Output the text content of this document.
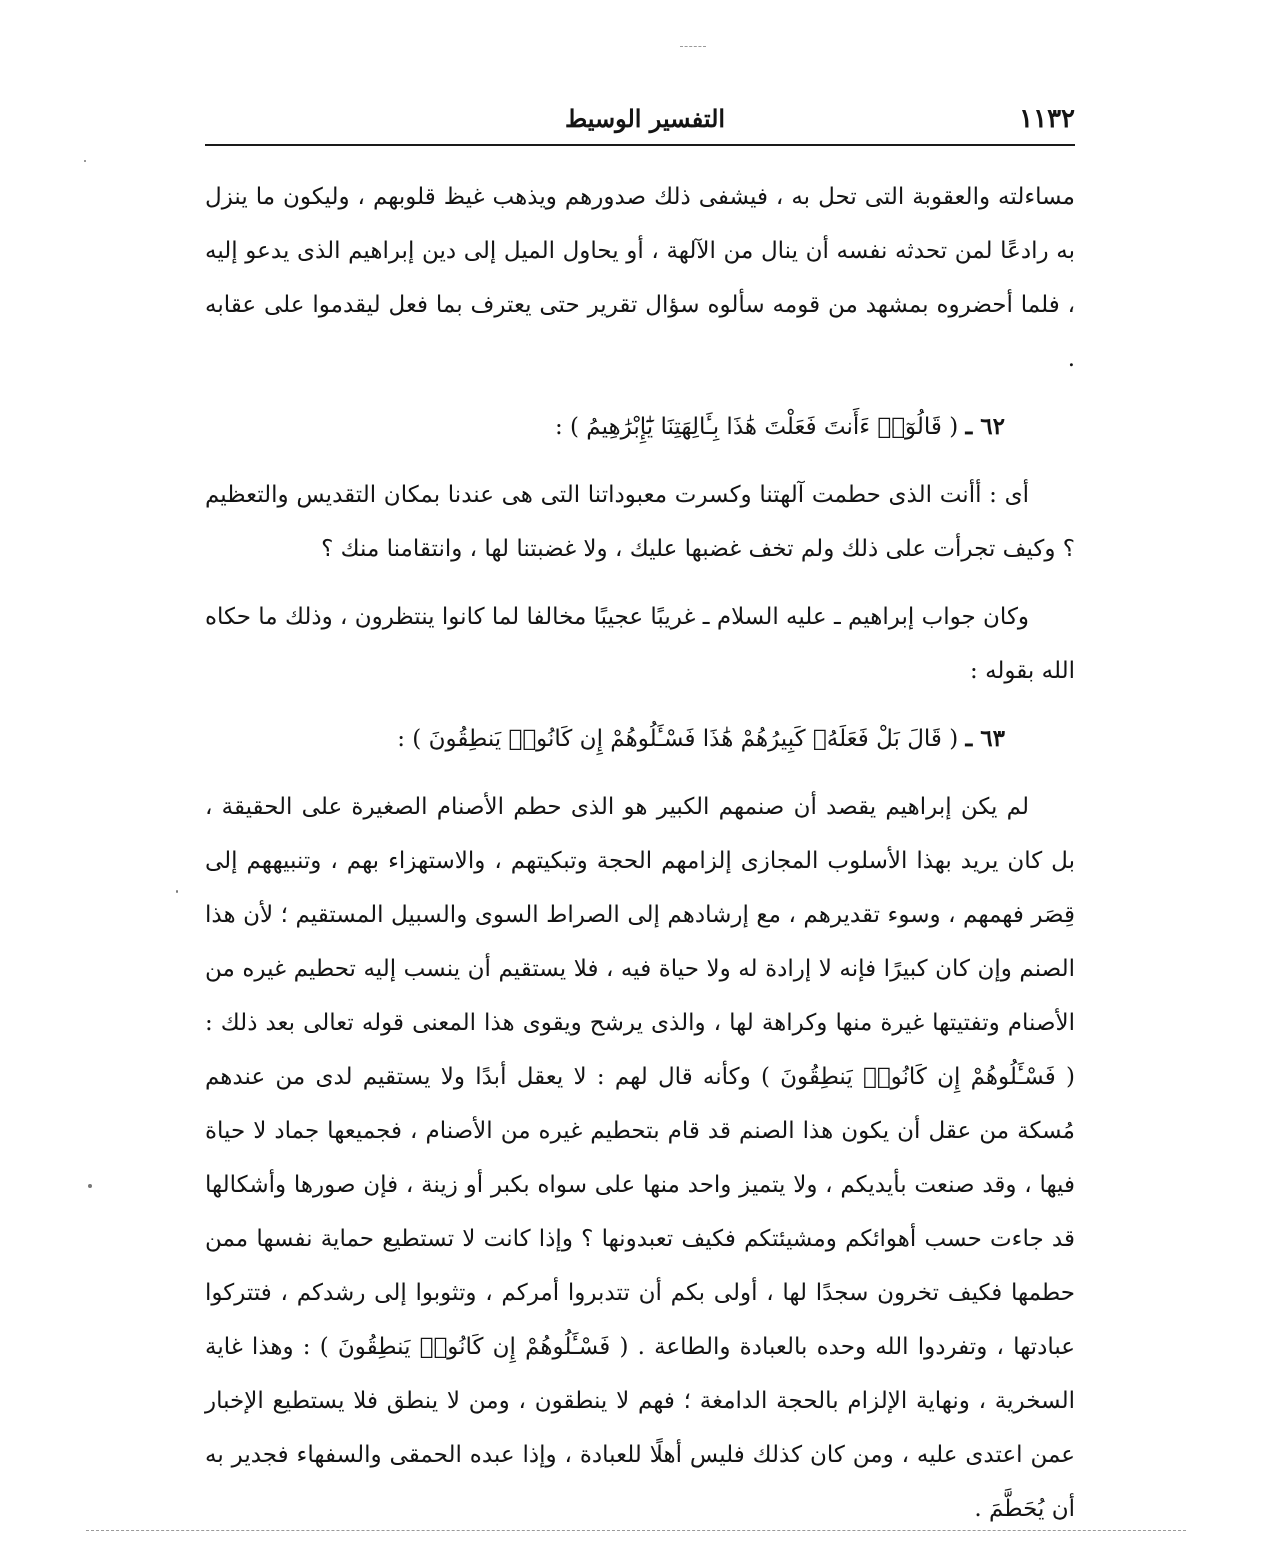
١١٣٢
التفسير الوسيط

مساءلته والعقوبة التى تحل به ، فيشفى ذلك صدورهم ويذهب غيظ قلوبهم ، وليكون ما ينزل به رادعًا لمن تحدثه نفسه أن ينال من الآلهة ، أو يحاول الميل إلى دين إبراهيم الذى يدعو إليه ، فلما أحضروه بمشهد من قومه سألوه سؤال تقرير حتى يعترف بما فعل ليقدموا على عقابه .

٦٢ ـ ( قَالُوٓا۟ ءَأَنتَ فَعَلْتَ هَٰذَا بِـَٔالِهَتِنَا يَٰٓإِبْرَٰهِيمُ ) :

أى : أأنت الذى حطمت آلهتنا وكسرت معبوداتنا التى هى عندنا بمكان التقديس والتعظيم ؟ وكيف تجرأت على ذلك ولم تخف غضبها عليك ، ولا غضبتنا لها ، وانتقامنا منك ؟

وكان جواب إبراهيم ـ عليه السلام ـ غريبًا عجيبًا مخالفا لما كانوا ينتظرون ، وذلك ما حكاه الله بقوله :

٦٣ ـ ( قَالَ بَلْ فَعَلَهُۥ كَبِيرُهُمْ هَٰذَا فَسْـَٔلُوهُمْ إِن كَانُوا۟ يَنطِقُونَ ) :

لم يكن إبراهيم يقصد أن صنمهم الكبير هو الذى حطم الأصنام الصغيرة على الحقيقة ، بل كان يريد بهذا الأسلوب المجازى إلزامهم الحجة وتبكيتهم ، والاستهزاء بهم ، وتنبيههم إلى قِصَر فهمهم ، وسوء تقديرهم ، مع إرشادهم إلى الصراط السوى والسبيل المستقيم ؛ لأن هذا الصنم وإن كان كبيرًا فإنه لا إرادة له ولا حياة فيه ، فلا يستقيم أن ينسب إليه تحطيم غيره من الأصنام وتفتيتها غيرة منها وكراهة لها ، والذى يرشح ويقوى هذا المعنى قوله تعالى بعد ذلك : ( فَسْـَٔلُوهُمْ إِن كَانُوا۟ يَنطِقُونَ ) وكأنه قال لهم : لا يعقل أبدًا ولا يستقيم لدى من عندهم مُسكة من عقل أن يكون هذا الصنم قد قام بتحطيم غيره من الأصنام ، فجميعها جماد لا حياة فيها ، وقد صنعت بأيديكم ، ولا يتميز واحد منها على سواه بكبر أو زينة ، فإن صورها وأشكالها قد جاءت حسب أهوائكم ومشيئتكم فكيف تعبدونها ؟ وإذا كانت لا تستطيع حماية نفسها ممن حطمها فكيف تخرون سجدًا لها ، أولى بكم أن تتدبروا أمركم ، وتثوبوا إلى رشدكم ، فتتركوا عبادتها ، وتفردوا الله وحده بالعبادة والطاعة . ( فَسْـَٔلُوهُمْ إِن كَانُوا۟ يَنطِقُونَ ) : وهذا غاية السخرية ، ونهاية الإلزام بالحجة الدامغة ؛ فهم لا ينطقون ، ومن لا ينطق فلا يستطيع الإخبار عمن اعتدى عليه ، ومن كان كذلك فليس أهلًا للعبادة ، وإذا عبده الحمقى والسفهاء فجدير به أن يُحَطَّمَ .
